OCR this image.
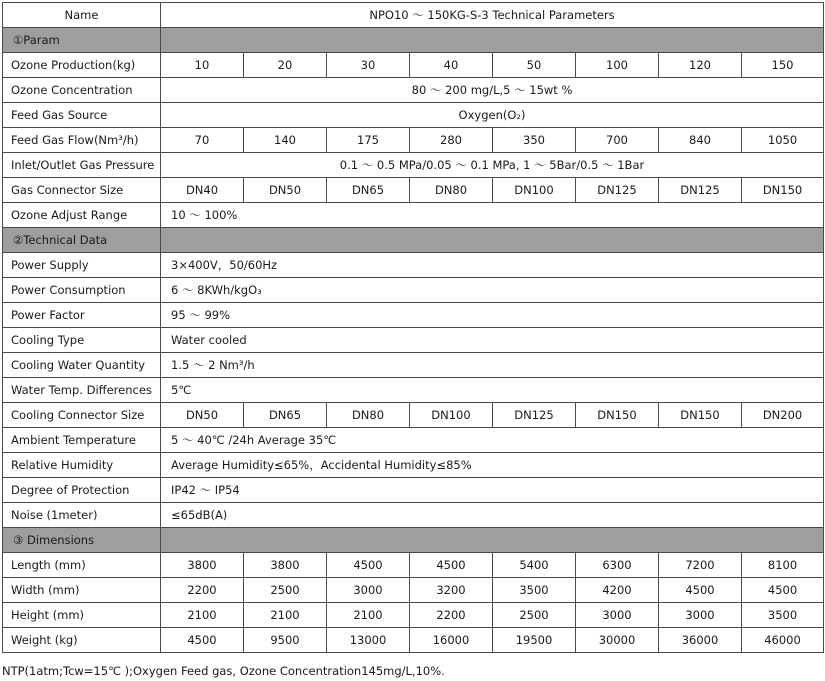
Name	NPO10 ～ 150KG-S-3 Technical Parameters							
①Param								
Ozone Production(kg)	10	20	30	40	50	100	120	150
Ozone Concentration	80 ～ 200 mg/L,5 ～ 15wt %							
Feed Gas Source	Oxygen(O₂)							
Feed Gas Flow(Nm³/h)	70	140	175	280	350	700	840	1050
Inlet/Outlet Gas Pressure	0.1 ～ 0.5 MPa/0.05 ～ 0.1 MPa, 1 ～ 5Bar/0.5 ～ 1Bar							
Gas Connector Size	DN40	DN50	DN65	DN80	DN100	DN125	DN125	DN150
Ozone Adjust Range	10 ～ 100%							
②Technical Data								
Power Supply	3×400V，50/60Hz							
Power Consumption	6 ～ 8KWh/kgO₃							
Power Factor	95 ～ 99%							
Cooling Type	Water cooled							
Cooling Water Quantity	1.5 ～ 2 Nm³/h							
Water Temp. Differences	5℃							
Cooling Connector Size	DN50	DN65	DN80	DN100	DN125	DN150	DN150	DN200
Ambient Temperature	5 ～ 40℃ /24h Average 35℃							
Relative Humidity	Average Humidity≤65%，Accidental Humidity≤85%							
Degree of Protection	IP42 ～ IP54							
Noise (1meter)	≤65dB(A)							
③ Dimensions								
Length (mm)	3800	3800	4500	4500	5400	6300	7200	8100
Width (mm)	2200	2500	3000	3200	3500	4200	4500	4500
Height (mm)	2100	2100	2100	2200	2500	3000	3000	3500
Weight (kg)	4500	9500	13000	16000	19500	30000	36000	46000
NTP(1atm;Tcw=15℃ );Oxygen Feed gas, Ozone Concentration145mg/L,10%.
